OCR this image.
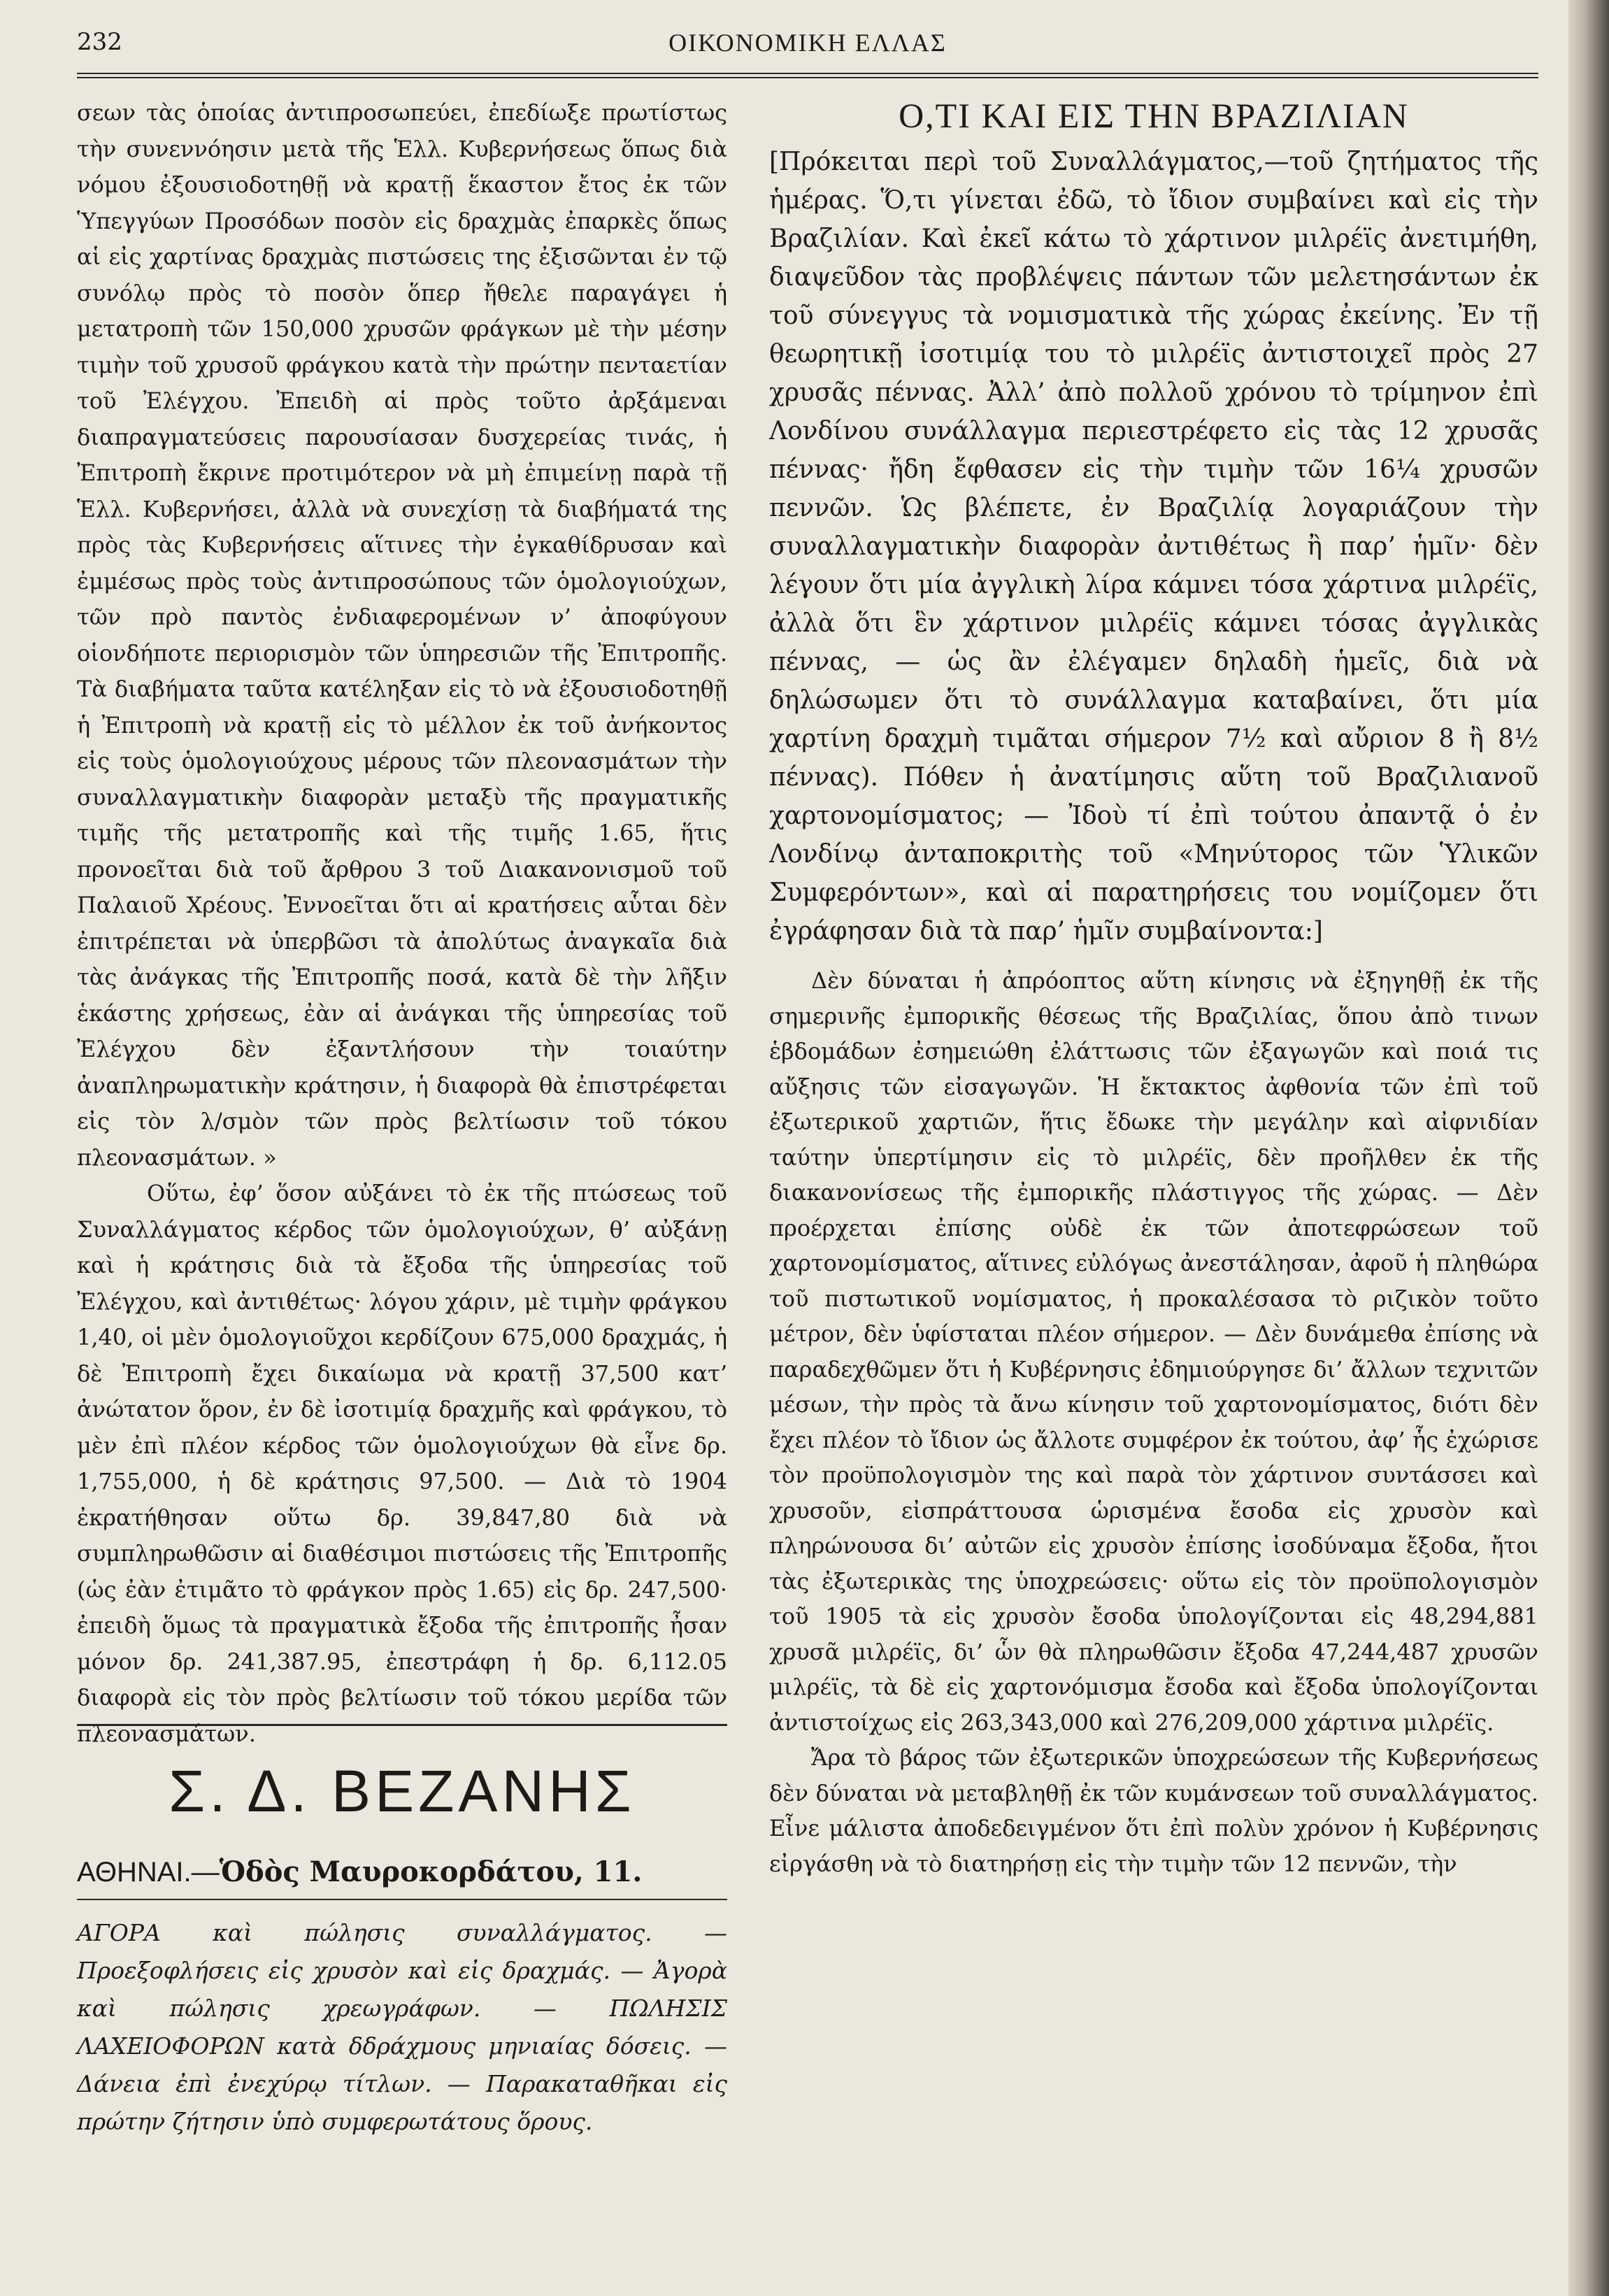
232	ΟΙΚΟΝΟΜΙΚΗ ΕΛΛΑΣ

σεων τὰς ὁποίας ἀντιπροσωπεύει, ἐπεδίωξε πρωτίστως τὴν συνεννόησιν μετὰ τῆς Ἑλλ. Κυβερνήσεως ὅπως διὰ νόμου ἐξουσιοδοτηθῇ νὰ κρατῇ ἕκαστον ἔτος ἐκ τῶν Ὑπεγγύων Προσόδων ποσὸν εἰς δραχμὰς ἐπαρκὲς ὅπως αἱ εἰς χαρτίνας δραχμὰς πιστώσεις της ἐξισῶνται ἐν τῷ συνόλῳ πρὸς τὸ ποσὸν ὅπερ ἤθελε παραγάγει ἡ μετατροπὴ τῶν 150,000 χρυσῶν φράγκων μὲ τὴν μέσην τιμὴν τοῦ χρυσοῦ φράγκου κατὰ τὴν πρώτην πενταετίαν τοῦ Ἐλέγχου. Ἐπειδὴ αἱ πρὸς τοῦτο ἀρξάμεναι διαπραγματεύσεις παρουσίασαν δυσχερείας τινάς, ἡ Ἐπιτροπὴ ἔκρινε προτιμότερον νὰ μὴ ἐπιμείνῃ παρὰ τῇ Ἑλλ. Κυβερνήσει, ἀλλὰ νὰ συνεχίσῃ τὰ διαβήματά της πρὸς τὰς Κυβερνήσεις αἵτινες τὴν ἐγκαθίδρυσαν καὶ ἐμμέσως πρὸς τοὺς ἀντιπροσώπους τῶν ὁμολογιούχων, τῶν πρὸ παντὸς ἐνδιαφερομένων ν’ ἀποφύγουν οἱονδήποτε περιορισμὸν τῶν ὑπηρεσιῶν τῆς Ἐπιτροπῆς. Τὰ διαβήματα ταῦτα κατέληξαν εἰς τὸ νὰ ἐξουσιοδοτηθῇ ἡ Ἐπιτροπὴ νὰ κρατῇ εἰς τὸ μέλλον ἐκ τοῦ ἀνήκοντος εἰς τοὺς ὁμολογιούχους μέρους τῶν πλεονασμάτων τὴν συναλλαγματικὴν διαφορὰν μεταξὺ τῆς πραγματικῆς τιμῆς τῆς μετατροπῆς καὶ τῆς τιμῆς 1.65, ἥτις προνοεῖται διὰ τοῦ ἄρθρου 3 τοῦ Διακανονισμοῦ τοῦ Παλαιοῦ Χρέους. Ἐννοεῖται ὅτι αἱ κρατήσεις αὗται δὲν ἐπιτρέπεται νὰ ὑπερβῶσι τὰ ἀπολύτως ἀναγκαῖα διὰ τὰς ἀνάγκας τῆς Ἐπιτροπῆς ποσά, κατὰ δὲ τὴν λῆξιν ἑκάστης χρήσεως, ἐὰν αἱ ἀνάγκαι τῆς ὑπηρεσίας τοῦ Ἐλέγχου δὲν ἐξαντλήσουν τὴν τοιαύτην ἀναπληρωματικὴν κράτησιν, ἡ διαφορὰ θὰ ἐπιστρέφεται εἰς τὸν λ/σμὸν τῶν πρὸς βελτίωσιν τοῦ τόκου πλεονασμάτων. »

Οὕτω, ἐφ’ ὅσον αὐξάνει τὸ ἐκ τῆς πτώσεως τοῦ Συναλλάγματος κέρδος τῶν ὁμολογιούχων, θ’ αὐξάνῃ καὶ ἡ κράτησις διὰ τὰ ἔξοδα τῆς ὑπηρεσίας τοῦ Ἐλέγχου, καὶ ἀντιθέτως· λόγου χάριν, μὲ τιμὴν φράγκου 1,40, οἱ μὲν ὁμολογιοῦχοι κερδίζουν 675,000 δραχμάς, ἡ δὲ Ἐπιτροπὴ ἔχει δικαίωμα νὰ κρατῇ 37,500 κατ’ ἀνώτατον ὅρον, ἐν δὲ ἰσοτιμίᾳ δραχμῆς καὶ φράγκου, τὸ μὲν ἐπὶ πλέον κέρδος τῶν ὁμολογιούχων θὰ εἶνε δρ. 1,755,000, ἡ δὲ κράτησις 97,500. — Διὰ τὸ 1904 ἐκρατήθησαν οὕτω δρ. 39,847,80 διὰ νὰ συμπληρωθῶσιν αἱ διαθέσιμοι πιστώσεις τῆς Ἐπιτροπῆς (ὡς ἐὰν ἐτιμᾶτο τὸ φράγκον πρὸς 1.65) εἰς δρ. 247,500· ἐπειδὴ ὅμως τὰ πραγματικὰ ἔξοδα τῆς ἐπιτροπῆς ἦσαν μόνον δρ. 241,387.95, ἐπεστράφη ἡ δρ. 6,112.05 διαφορὰ εἰς τὸν πρὸς βελτίωσιν τοῦ τόκου μερίδα τῶν πλεονασμάτων.

Σ. Δ. ΒΕΖΑΝΗΣ
ΑΘΗΝΑΙ.—Ὁδὸς Μαυροκορδάτου, 11.
ΑΓΟΡΑ καὶ πώλησις συναλλάγματος. — Προεξοφλήσεις εἰς χρυσὸν καὶ εἰς δραχμάς. — Ἀγορὰ καὶ πώλησις χρεωγράφων. — ΠΩΛΗΣΙΣ ΛΑΧΕΙΟΦΟΡΩΝ κατὰ δδράχμους μηνιαίας δόσεις. — Δάνεια ἐπὶ ἐνεχύρῳ τίτλων. — Παρακαταθῆκαι εἰς πρώτην ζήτησιν ὑπὸ συμφερωτάτους ὅρους.
Ο,ΤΙ ΚΑΙ ΕΙΣ ΤΗΝ ΒΡΑΖΙΛΙΑΝ

[Πρόκειται περὶ τοῦ Συναλλάγματος,—τοῦ ζητήματος τῆς ἡμέρας. Ὅ,τι γίνεται ἐδῶ, τὸ ἴδιον συμβαίνει καὶ εἰς τὴν Βραζιλίαν. Καὶ ἐκεῖ κάτω τὸ χάρτινον μιλρέϊς ἀνετιμήθη, διαψεῦδον τὰς προβλέψεις πάντων τῶν μελετησάντων ἐκ τοῦ σύνεγγυς τὰ νομισματικὰ τῆς χώρας ἐκείνης. Ἐν τῇ θεωρητικῇ ἰσοτιμίᾳ του τὸ μιλρέϊς ἀντιστοιχεῖ πρὸς 27 χρυσᾶς πέννας. Ἀλλ’ ἀπὸ πολλοῦ χρόνου τὸ τρίμηνον ἐπὶ Λονδίνου συνάλλαγμα περιεστρέφετο εἰς τὰς 12 χρυσᾶς πέννας· ἤδη ἔφθασεν εἰς τὴν τιμὴν τῶν 16¼ χρυσῶν πεννῶν. Ὡς βλέπετε, ἐν Βραζιλίᾳ λογαριάζουν τὴν συναλλαγματικὴν διαφορὰν ἀντιθέτως ἢ παρ’ ἡμῖν· δὲν λέγουν ὅτι μία ἀγγλικὴ λίρα κάμνει τόσα χάρτινα μιλρέϊς, ἀλλὰ ὅτι ἓν χάρτινον μιλρέϊς κάμνει τόσας ἀγγλικὰς πέννας, — ὡς ἂν ἐλέγαμεν δηλαδὴ ἡμεῖς, διὰ νὰ δηλώσωμεν ὅτι τὸ συνάλλαγμα καταβαίνει, ὅτι μία χαρτίνη δραχμὴ τιμᾶται σήμερον 7½ καὶ αὔριον 8 ἢ 8½ πέννας). Πόθεν ἡ ἀνατίμησις αὕτη τοῦ Βραζιλιανοῦ χαρτονομίσματος; — Ἰδοὺ τί ἐπὶ τούτου ἀπαντᾷ ὁ ἐν Λονδίνῳ ἀνταποκριτὴς τοῦ «Μηνύτορος τῶν Ὑλικῶν Συμφερόντων», καὶ αἱ παρατηρήσεις του νομίζομεν ὅτι ἐγράφησαν διὰ τὰ παρ’ ἡμῖν συμβαίνοντα:]

Δὲν δύναται ἡ ἀπρόοπτος αὕτη κίνησις νὰ ἐξηγηθῇ ἐκ τῆς σημερινῆς ἐμπορικῆς θέσεως τῆς Βραζιλίας, ὅπου ἀπὸ τινων ἑβδομάδων ἐσημειώθη ἐλάττωσις τῶν ἐξαγωγῶν καὶ ποιά τις αὔξησις τῶν εἰσαγωγῶν. Ἡ ἔκτακτος ἀφθονία τῶν ἐπὶ τοῦ ἐξωτερικοῦ χαρτιῶν, ἥτις ἔδωκε τὴν μεγάλην καὶ αἰφνιδίαν ταύτην ὑπερτίμησιν εἰς τὸ μιλρέϊς, δὲν προῆλθεν ἐκ τῆς διακανονίσεως τῆς ἐμπορικῆς πλάστιγγος τῆς χώρας. — Δὲν προέρχεται ἐπίσης οὐδὲ ἐκ τῶν ἀποτεφρώσεων τοῦ χαρτονομίσματος, αἵτινες εὐλόγως ἀνεστάλησαν, ἀφοῦ ἡ πληθώρα τοῦ πιστωτικοῦ νομίσματος, ἡ προκαλέσασα τὸ ριζικὸν τοῦτο μέτρον, δὲν ὑφίσταται πλέον σήμερον. — Δὲν δυνάμεθα ἐπίσης νὰ παραδεχθῶμεν ὅτι ἡ Κυβέρνησις ἐδημιούργησε δι’ ἄλλων τεχνιτῶν μέσων, τὴν πρὸς τὰ ἄνω κίνησιν τοῦ χαρτονομίσματος, διότι δὲν ἔχει πλέον τὸ ἴδιον ὡς ἄλλοτε συμφέρον ἐκ τούτου, ἀφ’ ἧς ἐχώρισε τὸν προϋπολογισμὸν της καὶ παρὰ τὸν χάρτινον συντάσσει καὶ χρυσοῦν, εἰσπράττουσα ὡρισμένα ἔσοδα εἰς χρυσὸν καὶ πληρώνουσα δι’ αὐτῶν εἰς χρυσὸν ἐπίσης ἰσοδύναμα ἔξοδα, ἤτοι τὰς ἐξωτερικὰς της ὑποχρεώσεις· οὕτω εἰς τὸν προϋπολογισμὸν τοῦ 1905 τὰ εἰς χρυσὸν ἔσοδα ὑπολογίζονται εἰς 48,294,881 χρυσᾶ μιλρέϊς, δι’ ὧν θὰ πληρωθῶσιν ἔξοδα 47,244,487 χρυσῶν μιλρέϊς, τὰ δὲ εἰς χαρτονόμισμα ἔσοδα καὶ ἔξοδα ὑπολογίζονται ἀντιστοίχως εἰς 263,343,000 καὶ 276,209,000 χάρτινα μιλρέϊς.

Ἄρα τὸ βάρος τῶν ἐξωτερικῶν ὑποχρεώσεων τῆς Κυβερνήσεως δὲν δύναται νὰ μεταβληθῇ ἐκ τῶν κυμάνσεων τοῦ συναλλάγματος. Εἶνε μάλιστα ἀποδεδειγμένον ὅτι ἐπὶ πολὺν χρόνον ἡ Κυβέρνησις εἰργάσθη νὰ τὸ διατηρήσῃ εἰς τὴν τιμὴν τῶν 12 πεννῶν, τὴν
